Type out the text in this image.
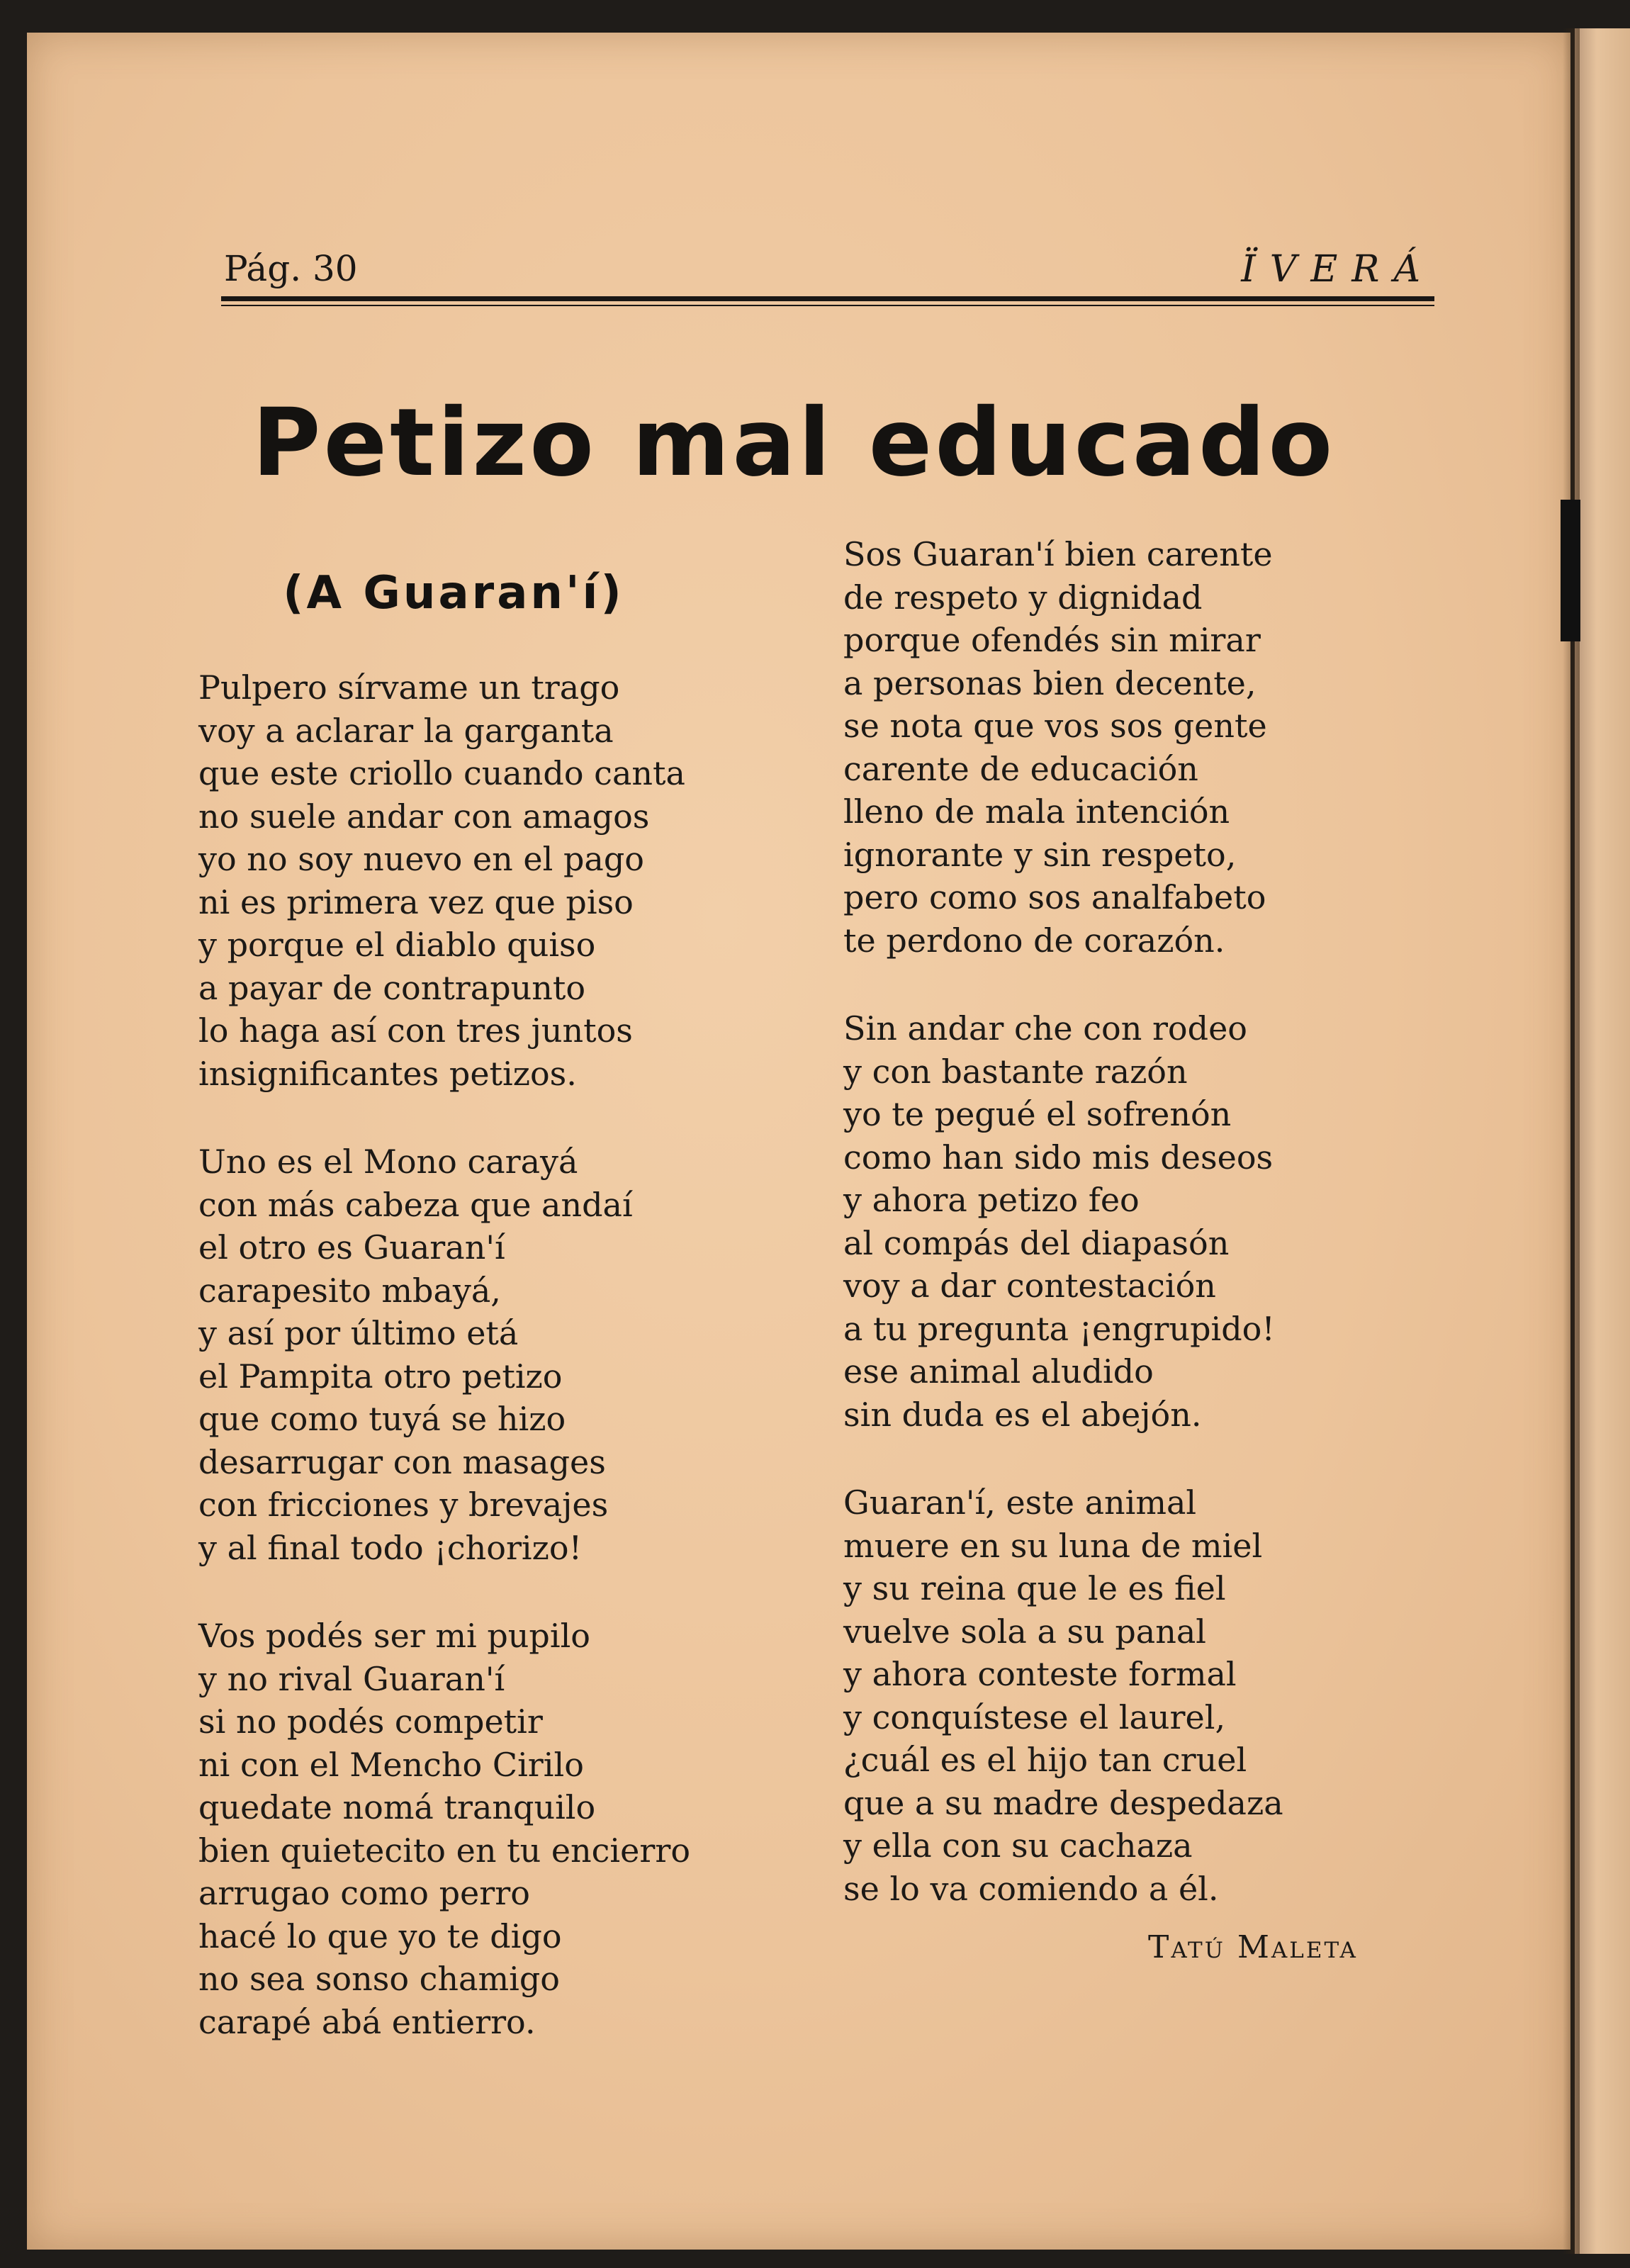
Pág. 30	ÏVERÁ
Petizo mal educado
(A Guaran'í)
Pulpero sírvame un trago
voy a aclarar la garganta
que este criollo cuando canta
no suele andar con amagos
yo no soy nuevo en el pago
ni es primera vez que piso
y porque el diablo quiso
a payar de contrapunto
lo haga así con tres juntos
insignificantes petizos.
Uno es el Mono carayá
con más cabeza que andaí
el otro es Guaran'í
carapesito mbayá,
y así por último etá
el Pampita otro petizo
que como tuyá se hizo
desarrugar con masages
con fricciones y brevajes
y al final todo ¡chorizo!
Vos podés ser mi pupilo
y no rival Guaran'í
si no podés competir
ni con el Mencho Cirilo
quedate nomá tranquilo
bien quietecito en tu encierro
arrugao como perro
hacé lo que yo te digo
no sea sonso chamigo
carapé abá entierro.
Sos Guaran'í bien carente
de respeto y dignidad
porque ofendés sin mirar
a personas bien decente,
se nota que vos sos gente
carente de educación
lleno de mala intención
ignorante y sin respeto,
pero como sos analfabeto
te perdono de corazón.
Sin andar che con rodeo
y con bastante razón
yo te pegué el sofrenón
como han sido mis deseos
y ahora petizo feo
al compás del diapasón
voy a dar contestación
a tu pregunta ¡engrupido!
ese animal aludido
sin duda es el abejón.
Guaran'í, este animal
muere en su luna de miel
y su reina que le es fiel
vuelve sola a su panal
y ahora conteste formal
y conquístese el laurel,
¿cuál es el hijo tan cruel
que a su madre despedaza
y ella con su cachaza
se lo va comiendo a él.
Tatú Maleta
